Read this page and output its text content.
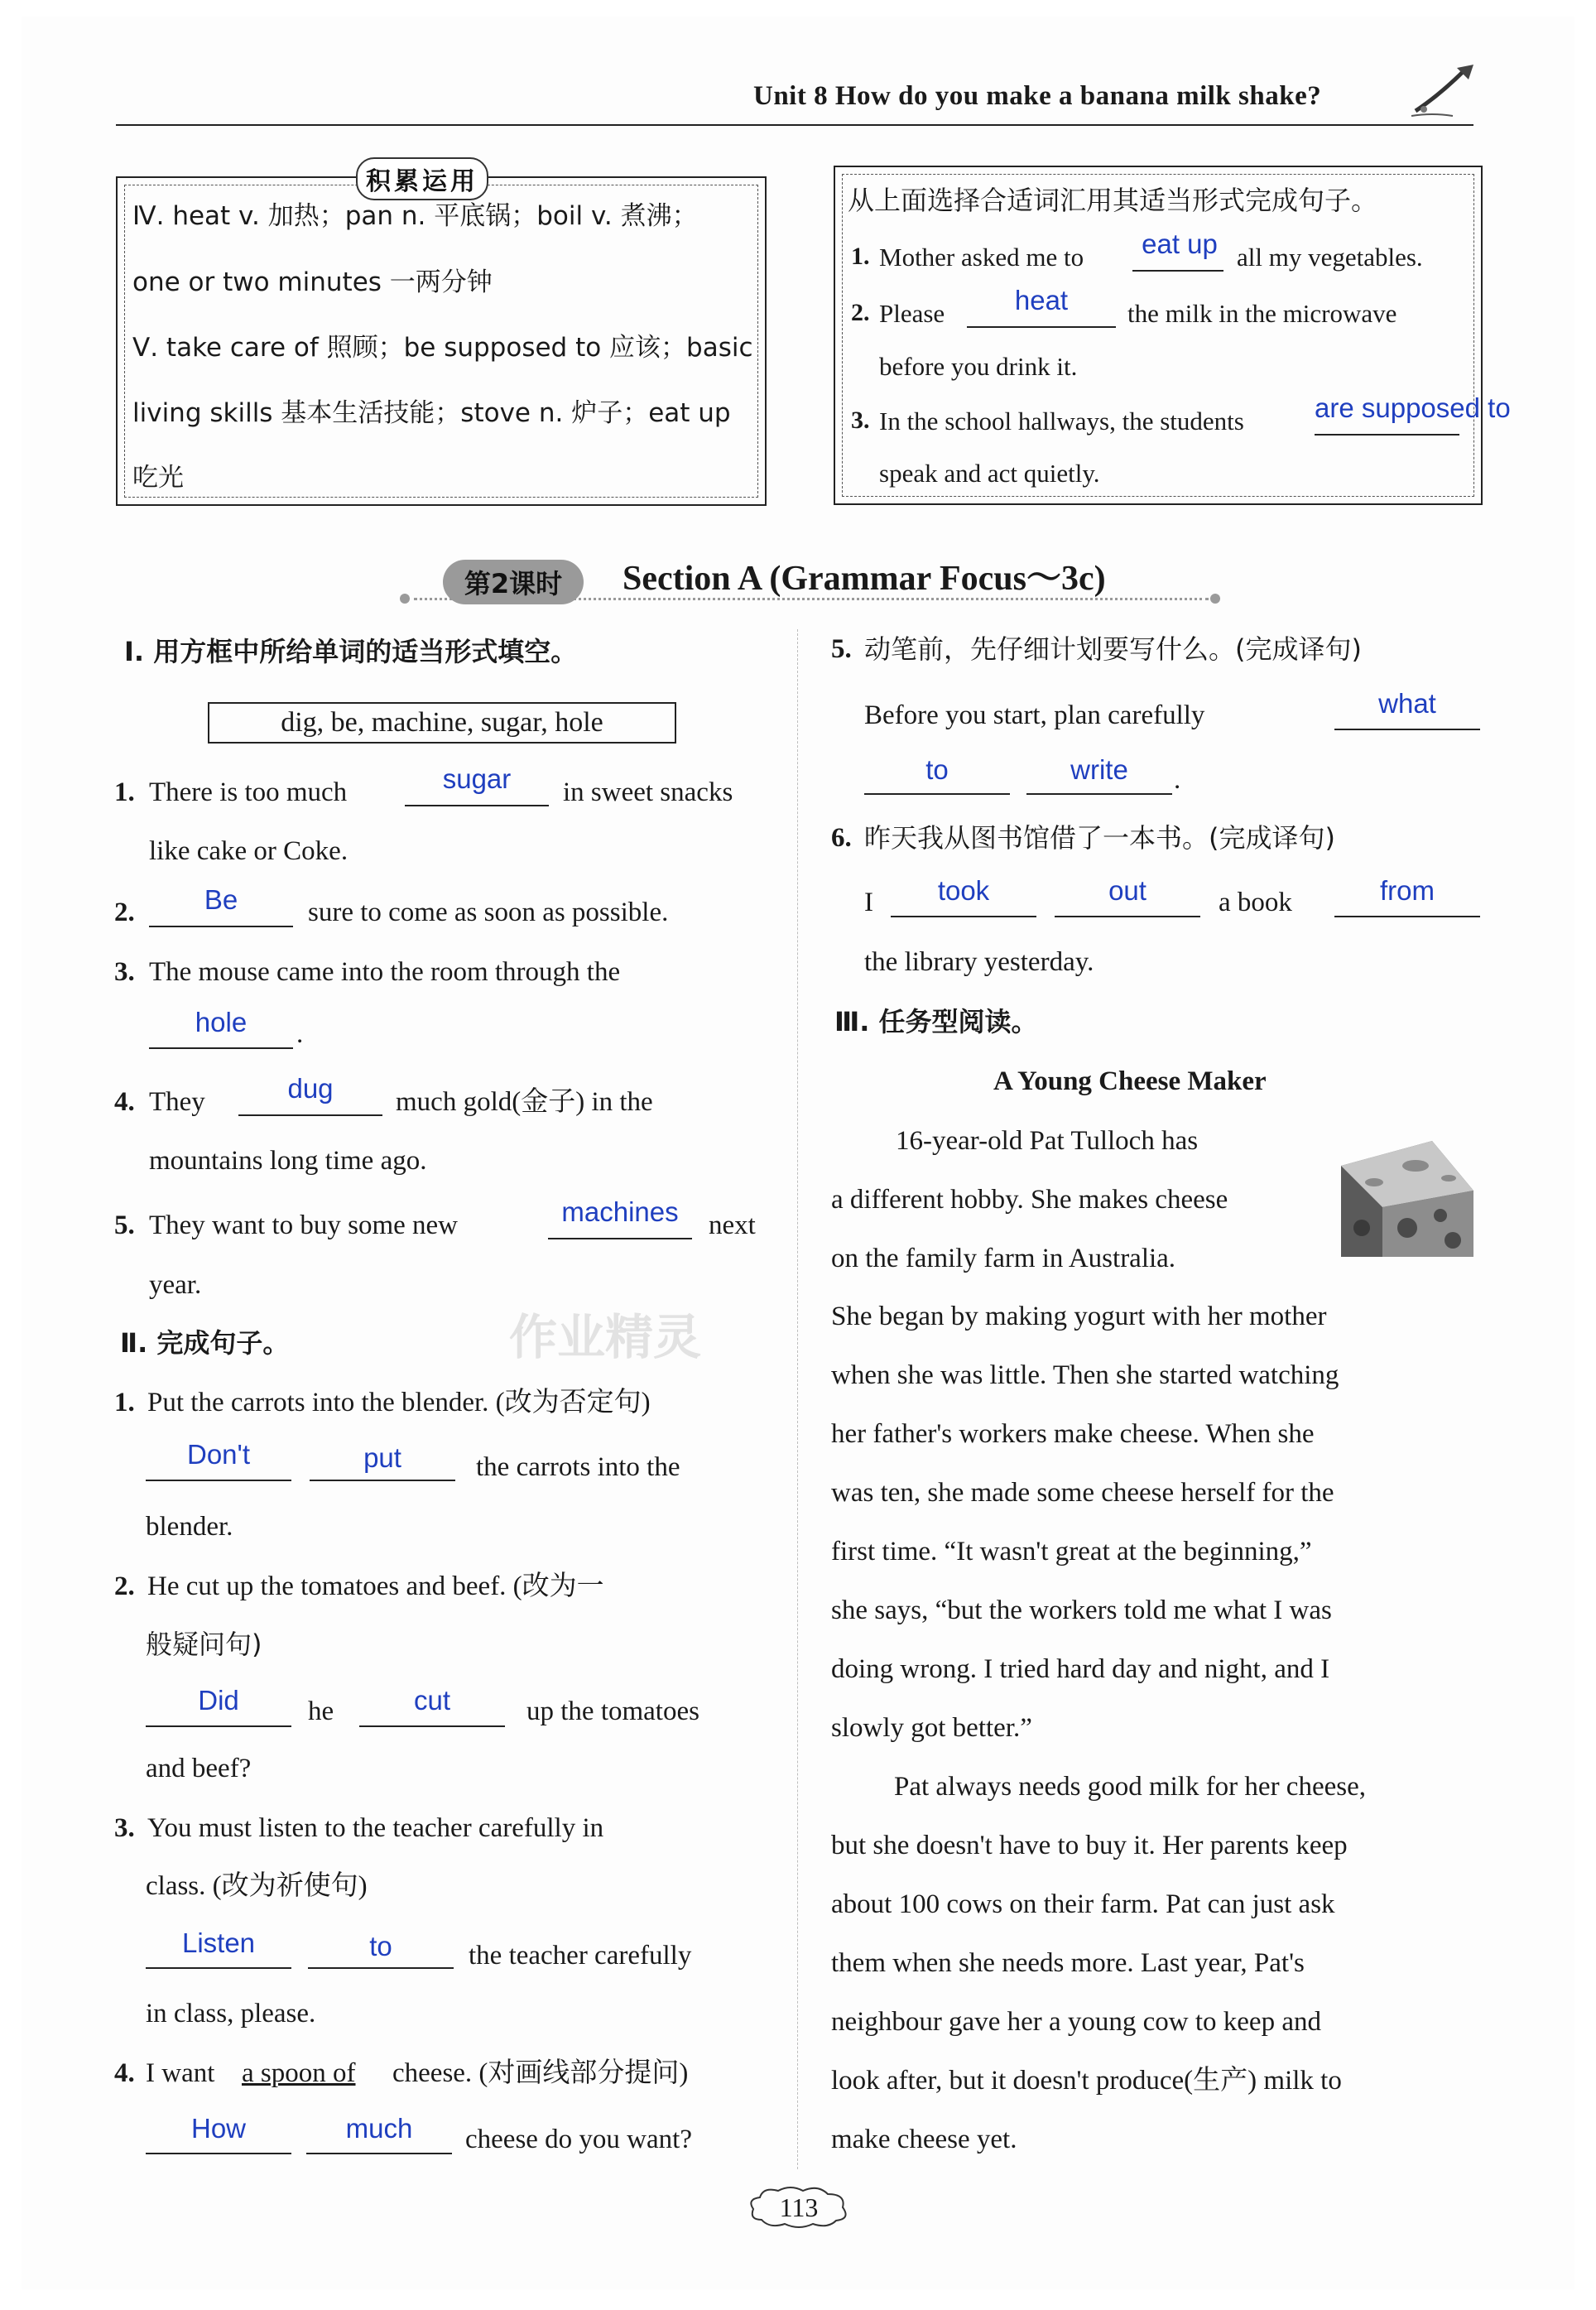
Unit 8 How do you make a banana milk shake?
积累运用
Ⅳ. heat v. 加热；pan n. 平底锅；boil v. 煮沸；
one or two minutes 一两分钟
Ⅴ. take care of 照顾；be supposed to 应该；basic
living skills 基本生活技能；stove n. 炉子；eat up
吃光
从上面选择合适词汇用其适当形式完成句子。
1. Mother asked me to	eat up all my vegetables.
2. Please	heat	the milk in the microwave
before you drink it.
3. In the school hallways, the students	are supposed to
speak and act quietly.
第2课时	Section A (Grammar Focus～3c)
Ⅰ. 用方框中所给单词的适当形式填空。
dig, be, machine, sugar, hole
1. There is too much	sugar	in sweet snacks
like cake or Coke.
2.	Be	sure to come as soon as possible.
3. The mouse came into the room through the
hole	.
4. They	dug	much gold(金子) in the
mountains long time ago.
5. They want to buy some new	machines	next
year.
Ⅱ. 完成句子。	作业精灵
1. Put the carrots into the blender. (改为否定句)
Don't	put	the carrots into the
blender.
2. He cut up the tomatoes and beef. (改为一
般疑问句)
Did	he	cut	up the tomatoes
and beef?
3. You must listen to the teacher carefully in
class. (改为祈使句)
Listen	to	the teacher carefully
in class, please.
4. I want a spoon of cheese. (对画线部分提问)
How	much	cheese do you want?
5. 动笔前，先仔细计划要写什么。(完成译句)
Before you start, plan carefully	what
to	write	.
6. 昨天我从图书馆借了一本书。(完成译句)
I	took	out	a book	from
the library yesterday.
Ⅲ. 任务型阅读。
A Young Cheese Maker
16-year-old Pat Tulloch has
a different hobby. She makes cheese
on the family farm in Australia.
She began by making yogurt with her mother
when she was little. Then she started watching
her father's workers make cheese. When she
was ten, she made some cheese herself for the
first time. “It wasn't great at the beginning,”
she says, “but the workers told me what I was
doing wrong. I tried hard day and night, and I
slowly got better.”
Pat always needs good milk for her cheese,
but she doesn't have to buy it. Her parents keep
about 100 cows on their farm. Pat can just ask
them when she needs more. Last year, Pat's
neighbour gave her a young cow to keep and
look after, but it doesn't produce(生产) milk to
make cheese yet.
113
